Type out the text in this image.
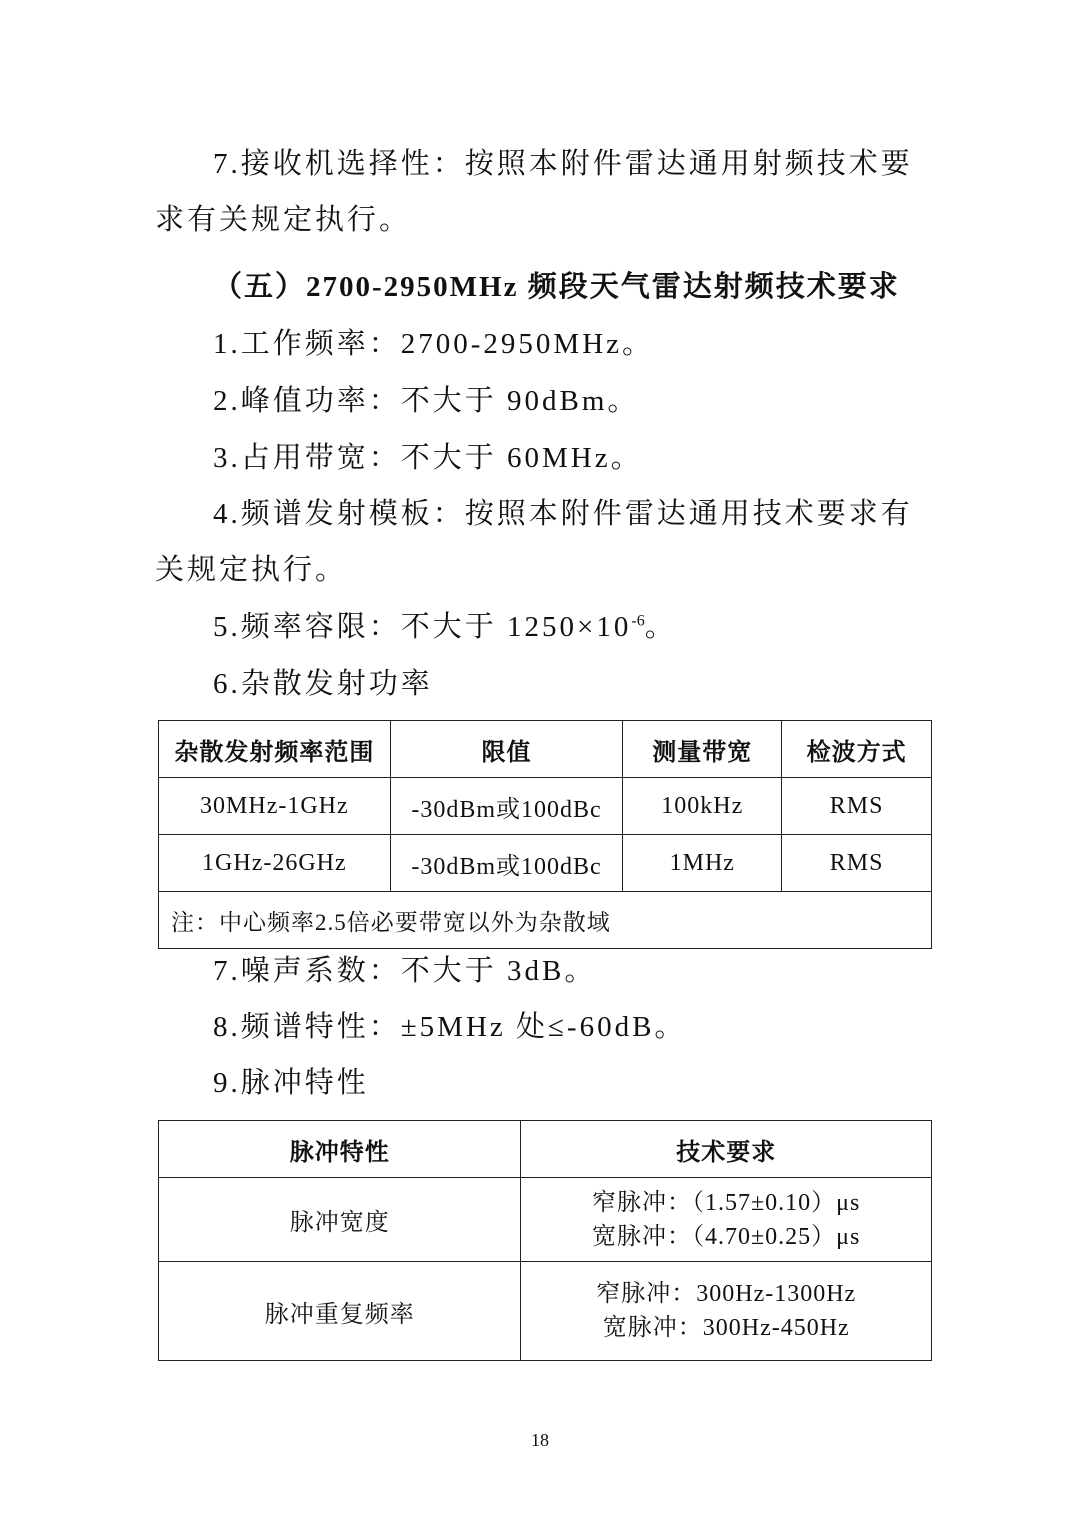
7.接收机选择性：按照本附件雷达通用射频技术要求有关规定执行。

（五）2700-2950MHz 频段天气雷达射频技术要求

1.工作频率：2700-2950MHz。

2.峰值功率：不大于 90dBm。

3.占用带宽：不大于 60MHz。

4.频谱发射模板：按照本附件雷达通用技术要求有关规定执行。

5.频率容限：不大于 $1250\times 10^{-6}$。

6.杂散发射功率

杂散发射频率范围	限值	测量带宽	检波方式
30MHz-1GHz	-30dBm或100dBc	100kHz	RMS
1GHz-26GHz	-30dBm或100dBc	1MHz	RMS
注：中心频率2.5倍必要带宽以外为杂散域			

7.噪声系数：不大于 3dB。

8.频谱特性：±5MHz 处≤-60dB。

9.脉冲特性

脉冲特性	技术要求
脉冲宽度	窄脉冲：（1.57±0.10）μs
宽脉冲：（4.70±0.25）μs

脉冲重复频率	窄脉冲：300Hz-1300Hz
宽脉冲：300Hz-450Hz
18
